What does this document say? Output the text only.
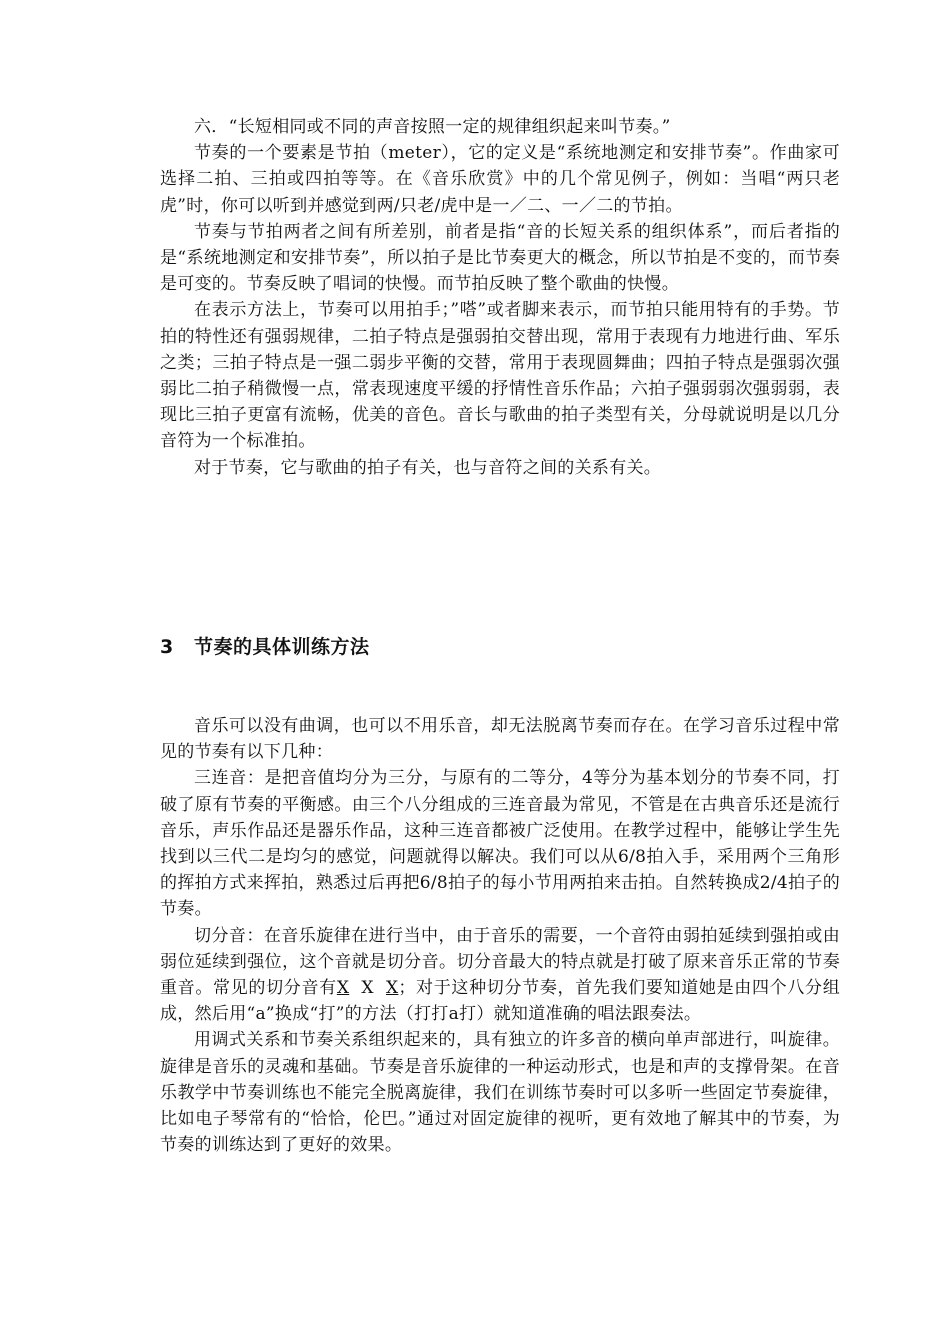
六．“长短相同或不同的声音按照一定的规律组织起来叫节奏。”

节奏的一个要素是节拍（meter），它的定义是“系统地测定和安排节奏”。作曲家可选择二拍、三拍或四拍等等。在《音乐欣赏》中的几个常见例子，例如：当唱“两只老虎”时，你可以听到并感觉到两/只老/虎中是一／二、一／二的节拍。

节奏与节拍两者之间有所差别，前者是指“音的长短关系的组织体系”，而后者指的是“系统地测定和安排节奏”，所以拍子是比节奏更大的概念，所以节拍是不变的，而节奏是可变的。节奏反映了唱词的快慢。而节拍反映了整个歌曲的快慢。

在表示方法上，节奏可以用拍手；”嗒”或者脚来表示，而节拍只能用特有的手势。节拍的特性还有强弱规律，二拍子特点是强弱拍交替出现，常用于表现有力地进行曲、军乐之类；三拍子特点是一强二弱步平衡的交替，常用于表现圆舞曲；四拍子特点是强弱次强弱比二拍子稍微慢一点，常表现速度平缓的抒情性音乐作品；六拍子强弱弱次强弱弱，表现比三拍子更富有流畅，优美的音色。音长与歌曲的拍子类型有关，分母就说明是以几分音符为一个标准拍。

对于节奏，它与歌曲的拍子有关，也与音符之间的关系有关。

3 节奏的具体训练方法

音乐可以没有曲调，也可以不用乐音，却无法脱离节奏而存在。在学习音乐过程中常见的节奏有以下几种：

三连音：是把音值均分为三分，与原有的二等分，4等分为基本划分的节奏不同，打破了原有节奏的平衡感。由三个八分组成的三连音最为常见，不管是在古典音乐还是流行音乐，声乐作品还是器乐作品，这种三连音都被广泛使用。在教学过程中，能够让学生先找到以三代二是均匀的感觉，问题就得以解决。我们可以从6/8拍入手，采用两个三角形的挥拍方式来挥拍，熟悉过后再把6/8拍子的每小节用两拍来击拍。自然转换成2/4拍子的节奏。

切分音：在音乐旋律在进行当中，由于音乐的需要，一个音符由弱拍延续到强拍或由弱位延续到强位，这个音就是切分音。切分音最大的特点就是打破了原来音乐正常的节奏重音。常见的切分音有X X X；对于这种切分节奏，首先我们要知道她是由四个八分组成，然后用“a”换成“打”的方法（打打a打）就知道准确的唱法跟奏法。

用调式关系和节奏关系组织起来的，具有独立的许多音的横向单声部进行，叫旋律。旋律是音乐的灵魂和基础。节奏是音乐旋律的一种运动形式，也是和声的支撑骨架。在音乐教学中节奏训练也不能完全脱离旋律，我们在训练节奏时可以多听一些固定节奏旋律，比如电子琴常有的“恰恰，伦巴。”通过对固定旋律的视听，更有效地了解其中的节奏，为节奏的训练达到了更好的效果。
